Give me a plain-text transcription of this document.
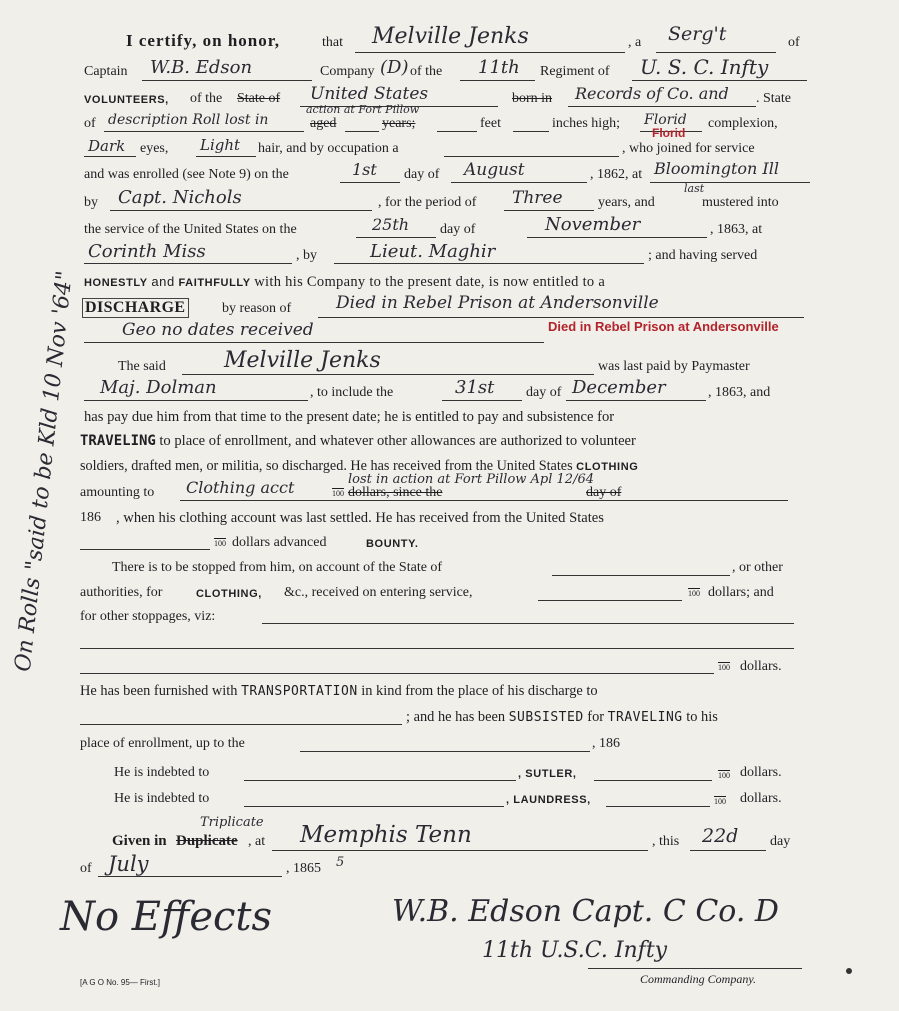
I certify, on honor,	that Melville Jenks	, a Serg't	of
Captain W.B. Edson	Company (D) of the 11th Regiment of U. S. C. Infty
VOLUNTEERS, of the State of United States	born in Records of Co. and . State
of
action at Fort Pillow
description Roll lost in	aged	years;	feet	inches high; Florid
Florid
complexion,
Dark eyes, Light hair, and by occupation a	, who joined for service
and was enrolled (see Note 9) on the	1st day of August	, 1862, at Bloomington Ill
by Capt. Nichols	, for the period of Three	years, and
last
mustered into
the service of the United States on the	25th day of	November	, 1863, at
Corinth Miss	, by	Lieut. Maghir	; and having served
HONESTLY and FAITHFULLY with his Company to the present date, is now entitled to a
DISCHARGE	by reason of	Died in Rebel Prison at Andersonville
Geo no dates received	Died in Rebel Prison at Andersonville
The said	Melville Jenks	was last paid by Paymaster
Maj. Dolman	, to include the	31st day of December	, 1863, and
has pay due him from that time to the present date; he is entitled to pay and subsistence for
TRAVELING to place of enrollment, and whatever other allowances are authorized to volunteer
soldiers, drafted men, or militia, so discharged. He has received from the United States CLOTHING
amounting to Clothing acct	lost in action at Fort Pillow Apl 12/64
100 dollars, since the	day of
186 , when his clothing account was last settled. He has received from the United States
100 dollars advanced	BOUNTY.
There is to be stopped from him, on account of the State of	, or other
authorities, for	CLOTHING, &c., received on entering service,	100 dollars; and
for other stoppages, viz:
100 dollars.
He has been furnished with TRANSPORTATION in kind from the place of his discharge to
; and he has been SUBSISTED for TRAVELING to his
place of enrollment, up to the	, 186
He is indebted to	, SUTLER,	100 dollars.
He is indebted to	, LAUNDRESS,	100 dollars.
Given in
Triplicate
Duplicate , at Memphis Tenn	, this 22d day
of July	, 1865 5
No Effects	W.B. Edson Capt. C Co. D
11th U.S.C. Infty
Commanding Company.
[A G O No. 95— First.]
On Rolls "said to be Kld 10 Nov '64"
